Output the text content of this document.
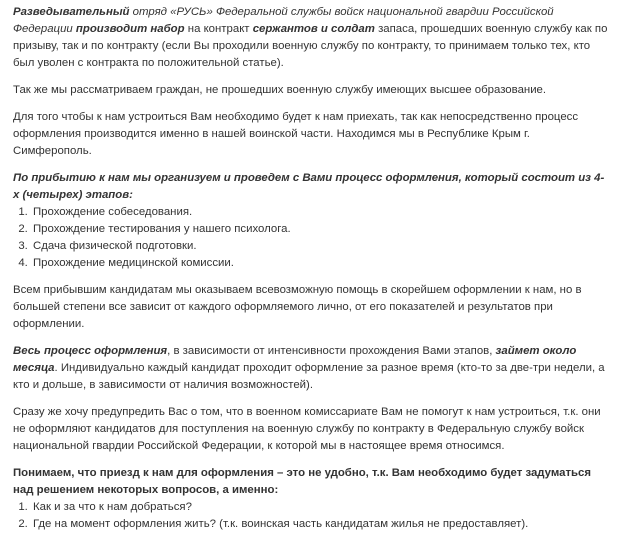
Разведывательный отряд «РУСЬ» Федеральной службы войск национальной гвардии Российской Федерации производит набор на контракт сержантов и солдат запаса, прошедших военную службу как по призыву, так и по контракту (если Вы проходили военную службу по контракту, то принимаем только тех, кто был уволен с контракта по положительной статье).

Так же мы рассматриваем граждан, не прошедших военную службу имеющих высшее образование.

Для того чтобы к нам устроиться Вам необходимо будет к нам приехать, так как непосредственно процесс оформления производится именно в нашей воинской части. Находимся мы в Республике Крым г. Симферополь.

По прибытию к нам мы организуем и проведем с Вами процесс оформления, который состоит из 4-х (четырех) этапов:

1. Прохождение собеседования.
2. Прохождение тестирования у нашего психолога.
3. Сдача физической подготовки.
4. Прохождение медицинской комиссии.

Всем прибывшим кандидатам мы оказываем всевозможную помощь в скорейшем оформлении к нам, но в большей степени все зависит от каждого оформляемого лично, от его показателей и результатов при оформлении.

Весь процесс оформления, в зависимости от интенсивности прохождения Вами этапов, займет около месяца. Индивидуально каждый кандидат проходит оформление за разное время (кто-то за две-три недели, а кто и дольше, в зависимости от наличия возможностей).

Сразу же хочу предупредить Вас о том, что в военном комиссариате Вам не помогут к нам устроиться, т.к. они не оформляют кандидатов для поступления на военную службу по контракту в Федеральную службу войск национальной гвардии Российской Федерации, к которой мы в настоящее время относимся.

Понимаем, что приезд к нам для оформления – это не удобно, т.к. Вам необходимо будет задуматься над решением некоторых вопросов, а именно:

1. Как и за что к нам добраться?
2. Где на момент оформления жить? (т.к. воинская часть кандидатам жилья не предоставляет).
